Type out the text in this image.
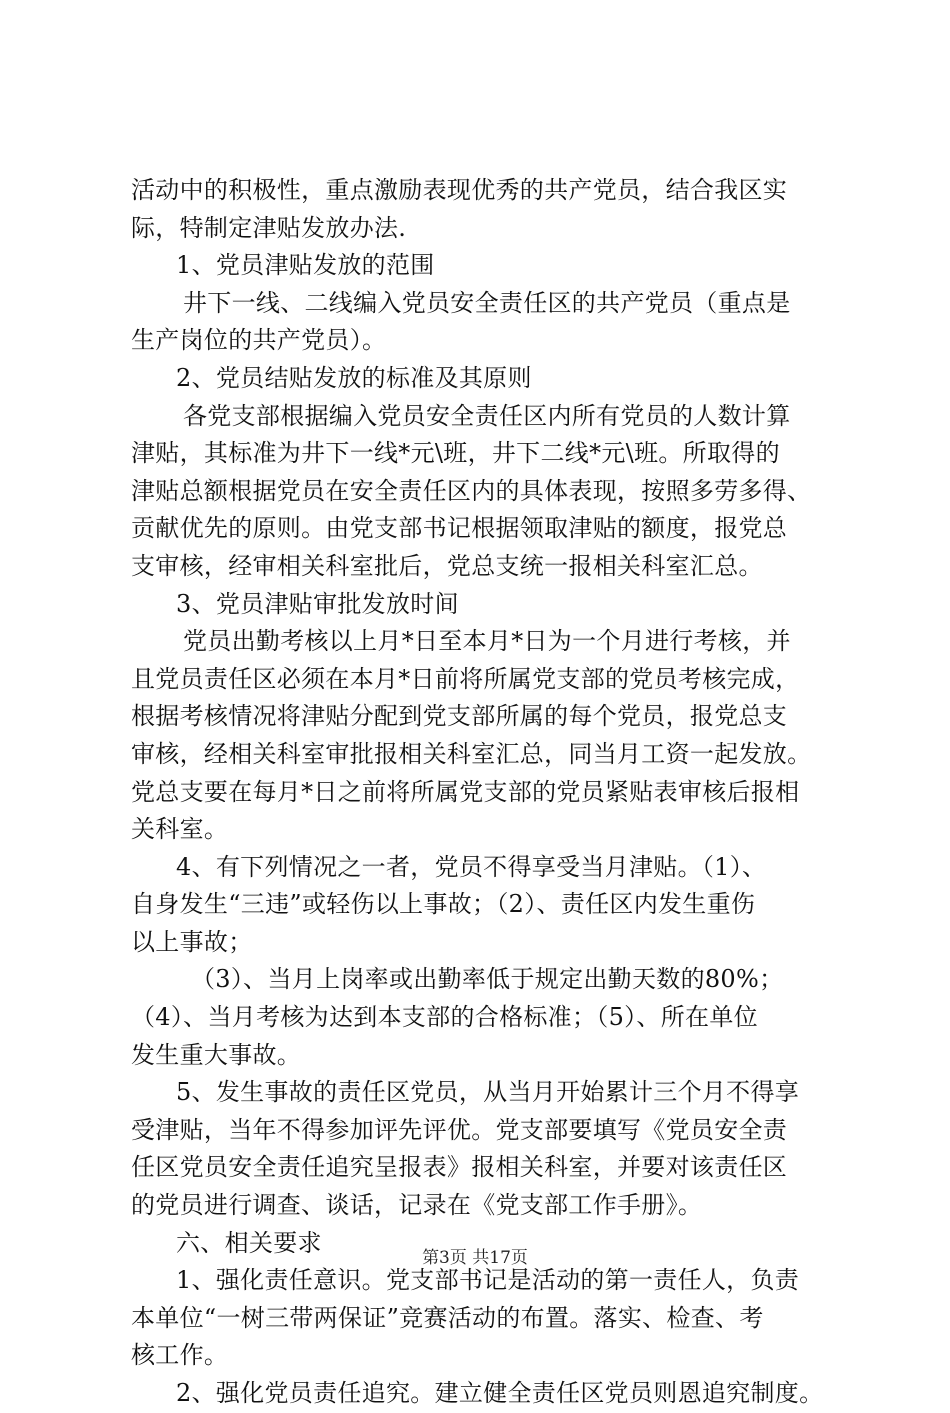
活动中的积极性，重点激励表现优秀的共产党员，结合我区实
际，特制定津贴发放办法.
1、党员津贴发放的范围
井下一线、二线编入党员安全责任区的共产党员（重点是
生产岗位的共产党员）。
2、党员结贴发放的标准及其原则
各党支部根据编入党员安全责任区内所有党员的人数计算
津贴，其标准为井下一线*元\班，井下二线*元\班。所取得的
津贴总额根据党员在安全责任区内的具体表现，按照多劳多得、
贡献优先的原则。由党支部书记根据领取津贴的额度，报党总
支审核，经审相关科室批后，党总支统一报相关科室汇总。
3、党员津贴审批发放时间
党员出勤考核以上月*日至本月*日为一个月进行考核，并
且党员责任区必须在本月*日前将所属党支部的党员考核完成，
根据考核情况将津贴分配到党支部所属的每个党员，报党总支
审核，经相关科室审批报相关科室汇总，同当月工资一起发放。
党总支要在每月*日之前将所属党支部的党员紧贴表审核后报相
关科室。
4、有下列情况之一者，党员不得享受当月津贴。（1）、
自身发生“三违”或轻伤以上事故；（2）、责任区内发生重伤
以上事故；
（3）、当月上岗率或出勤率低于规定出勤天数的80%；
（4）、当月考核为达到本支部的合格标准；（5）、所在单位
发生重大事故。
5、发生事故的责任区党员，从当月开始累计三个月不得享
受津贴，当年不得参加评先评优。党支部要填写《党员安全责
任区党员安全责任追究呈报表》报相关科室，并要对该责任区
的党员进行调查、谈话，记录在《党支部工作手册》。
六、相关要求
1、强化责任意识。党支部书记是活动的第一责任人，负责
本单位“一树三带两保证”竞赛活动的布置。落实、检查、考
核工作。
2、强化党员责任追究。建立健全责任区党员则恩追究制度。
第3页 共17页
